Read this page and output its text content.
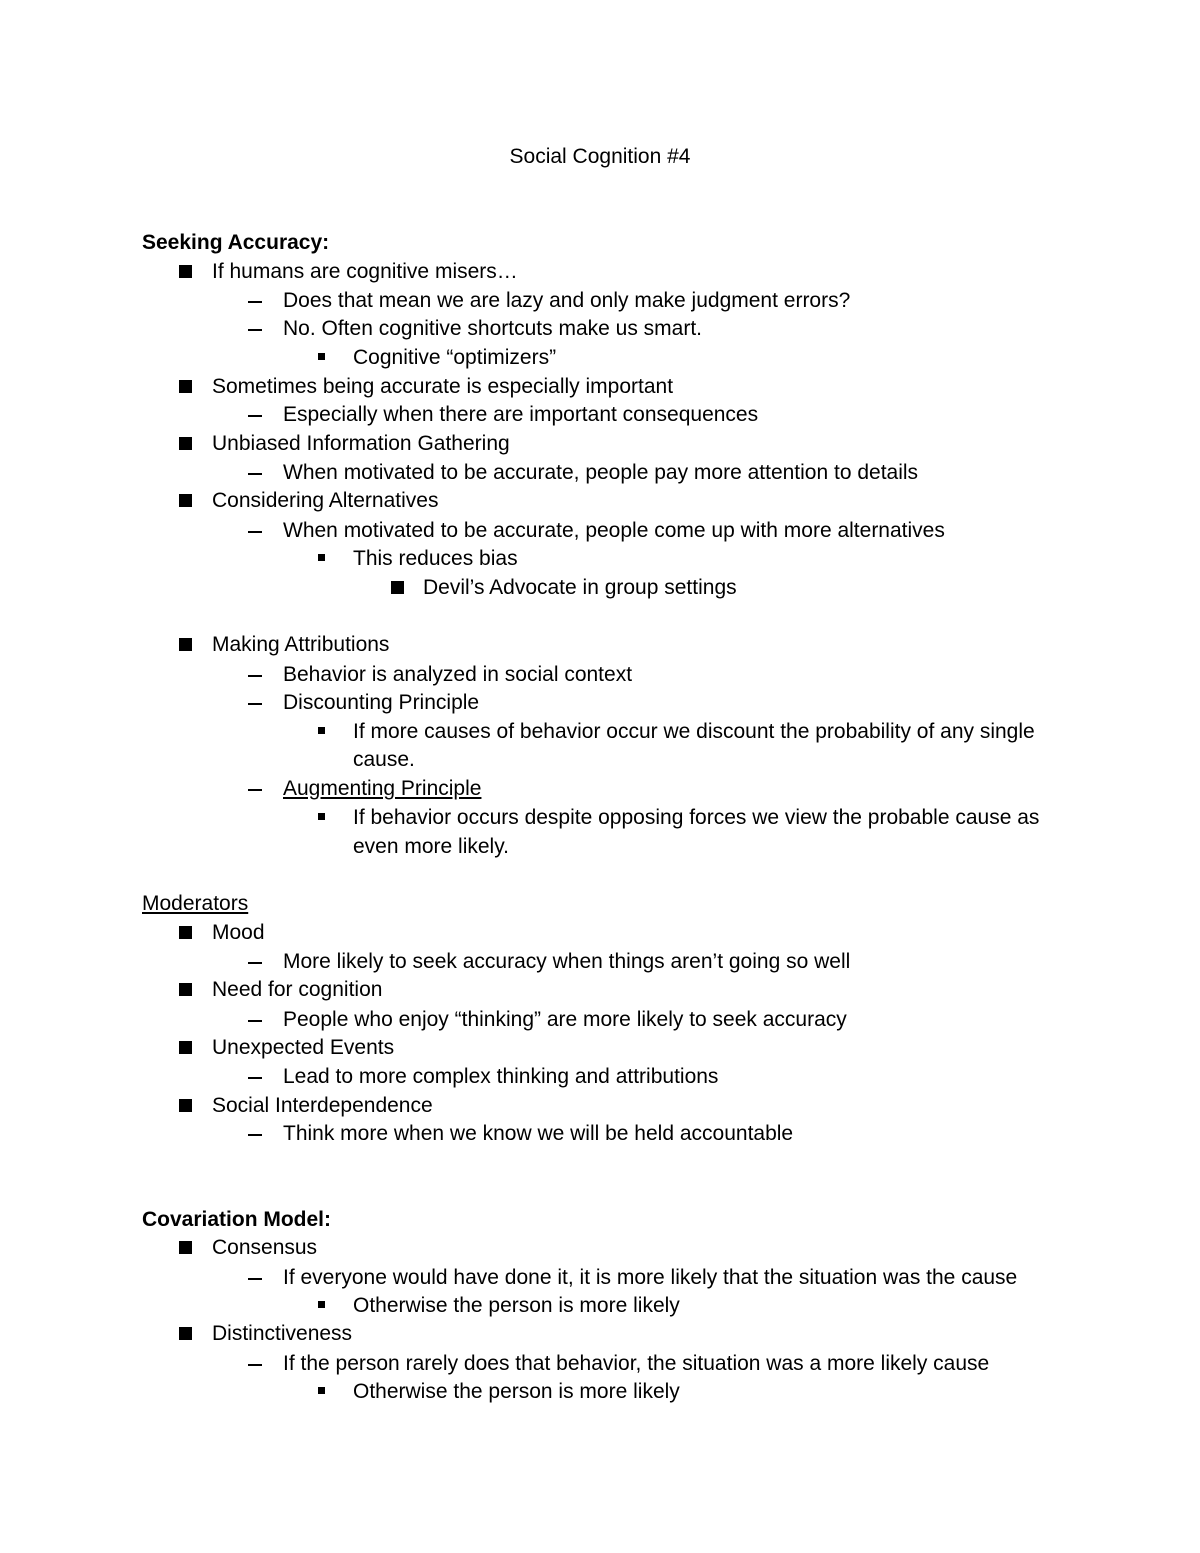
Social Cognition #4
Seeking Accuracy:
If humans are cognitive misers…
Does that mean we are lazy and only make judgment errors?
No. Often cognitive shortcuts make us smart.
Cognitive “optimizers”
Sometimes being accurate is especially important
Especially when there are important consequences
Unbiased Information Gathering
When motivated to be accurate, people pay more attention to details
Considering Alternatives
When motivated to be accurate, people come up with more alternatives
This reduces bias
Devil’s Advocate in group settings
Making Attributions
Behavior is analyzed in social context
Discounting Principle
If more causes of behavior occur we discount the probability of any single
cause.
Augmenting Principle
If behavior occurs despite opposing forces we view the probable cause as
even more likely.
Moderators
Mood
More likely to seek accuracy when things aren’t going so well
Need for cognition
People who enjoy “thinking” are more likely to seek accuracy
Unexpected Events
Lead to more complex thinking and attributions
Social Interdependence
Think more when we know we will be held accountable
Covariation Model:
Consensus
If everyone would have done it, it is more likely that the situation was the cause
Otherwise the person is more likely
Distinctiveness
If the person rarely does that behavior, the situation was a more likely cause
Otherwise the person is more likely
